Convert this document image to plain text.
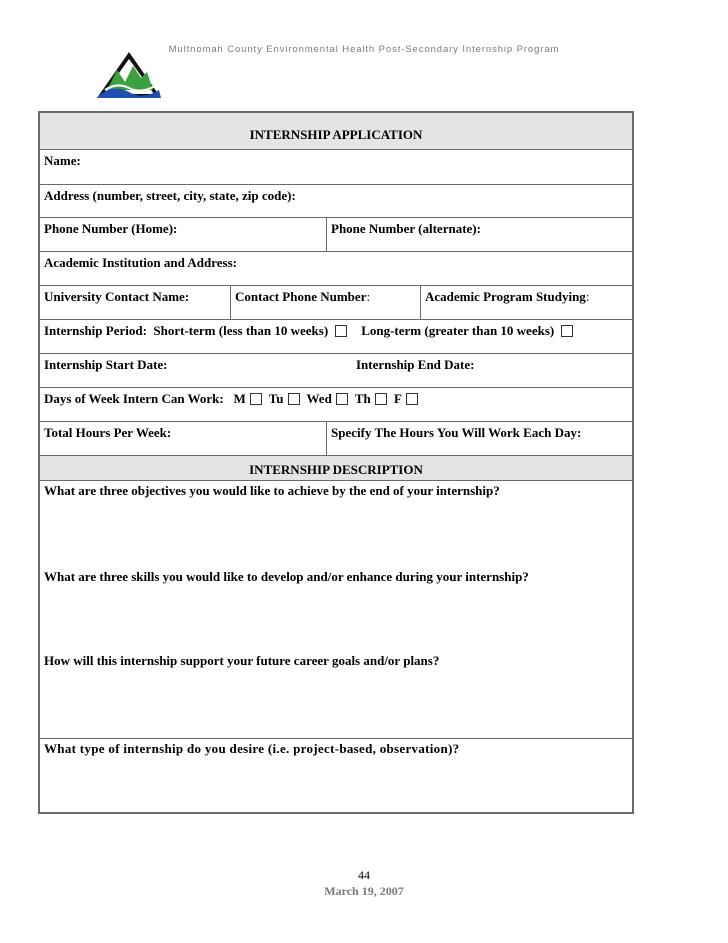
Multnomah County Environmental Health Post-Secondary Internship Program
INTERNSHIP APPLICATION
Name:
Address (number, street, city, state, zip code):
Phone Number (Home):	Phone Number (alternate):
Academic Institution and Address:
University Contact Name:	Contact Phone Number:	Academic Program Studying:
Internship Period: Short-term (less than 10 weeks)	Long-term (greater than 10 weeks)
Internship Start Date:	Internship End Date:
Days of Week Intern Can Work: M Tu Wed Th F
Total Hours Per Week:	Specify The Hours You Will Work Each Day:
INTERNSHIP DESCRIPTION
What are three objectives you would like to achieve by the end of your internship?
What are three skills you would like to develop and/or enhance during your internship?
How will this internship support your future career goals and/or plans?
What type of internship do you desire (i.e. project-based, observation)?
44
March 19, 2007
